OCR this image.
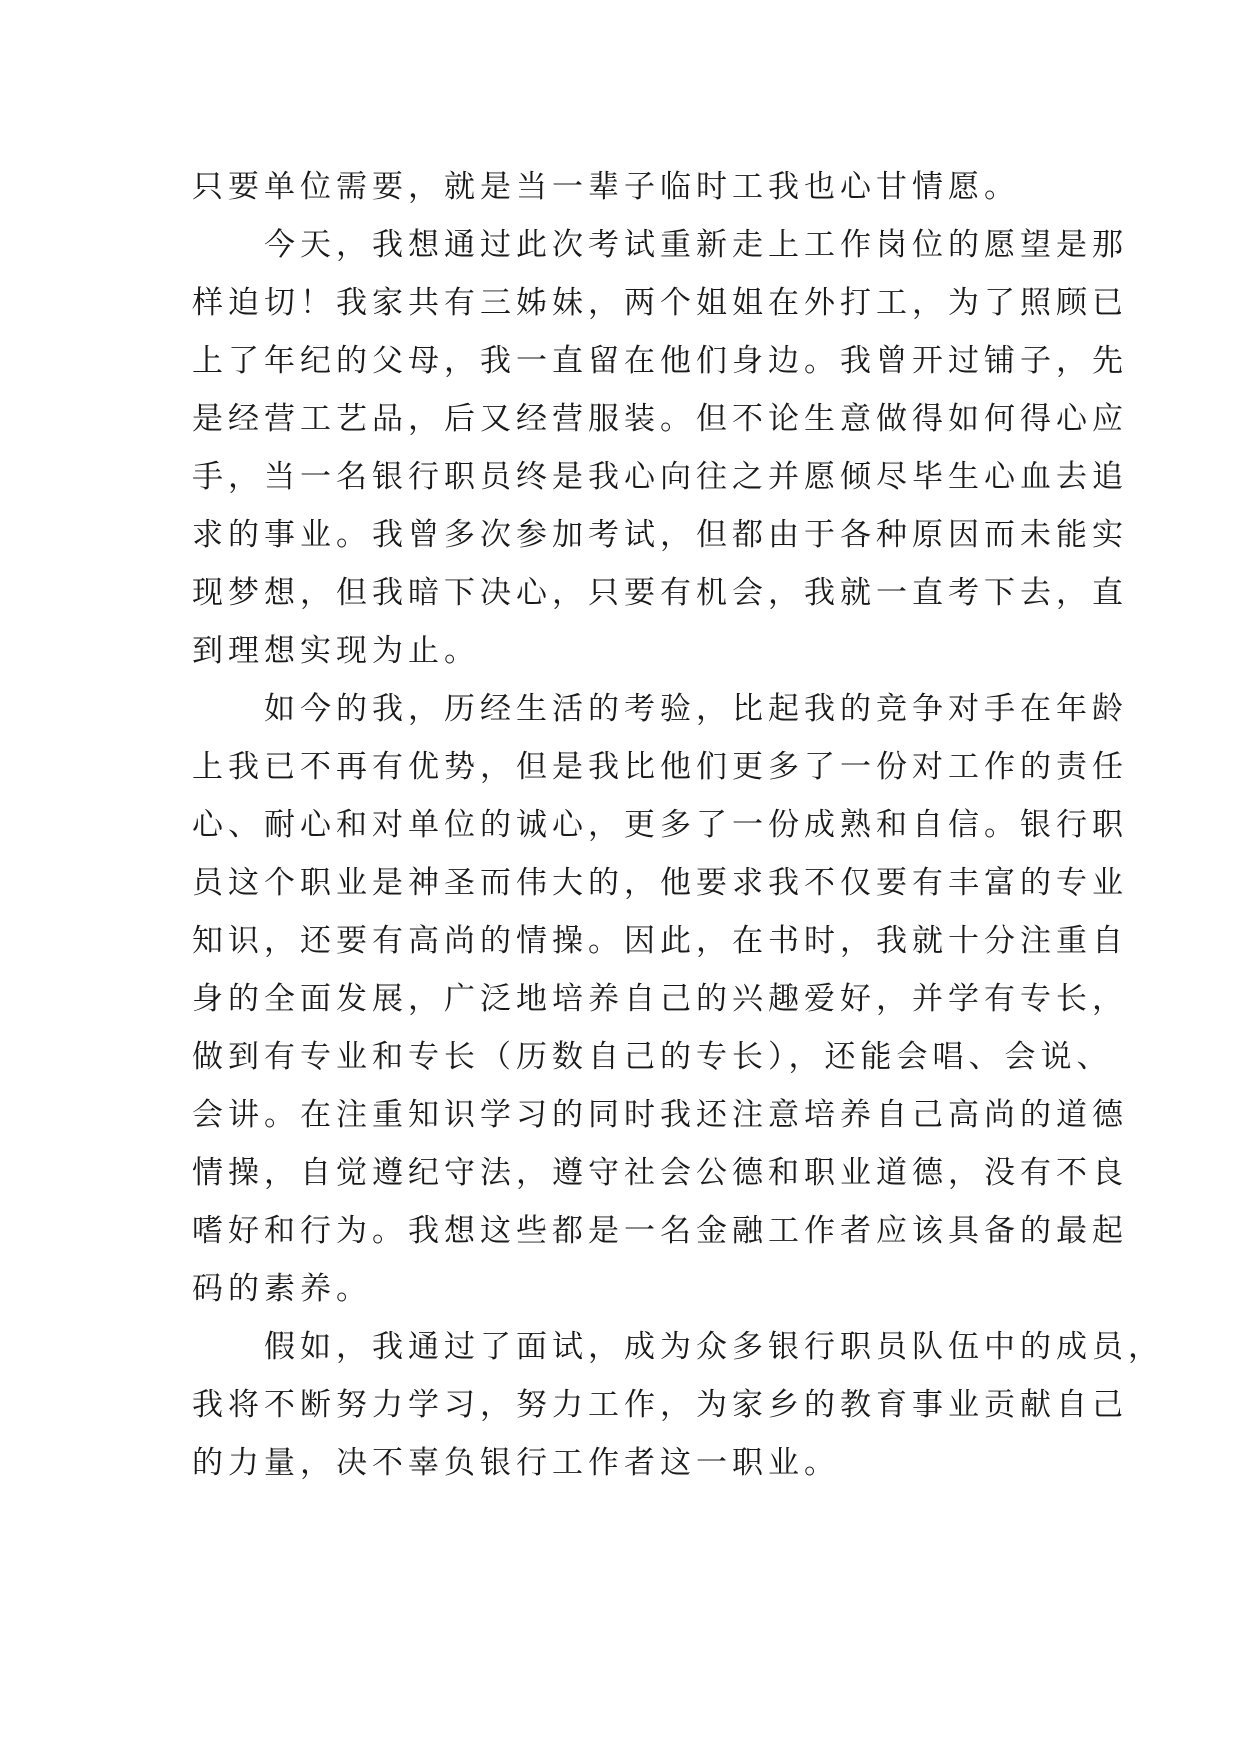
只要单位需要，就是当一辈子临时工我也心甘情愿。
今天，我想通过此次考试重新走上工作岗位的愿望是那
样迫切！我家共有三姊妹，两个姐姐在外打工，为了照顾已
上了年纪的父母，我一直留在他们身边。我曾开过铺子，先
是经营工艺品，后又经营服装。但不论生意做得如何得心应
手，当一名银行职员终是我心向往之并愿倾尽毕生心血去追
求的事业。我曾多次参加考试，但都由于各种原因而未能实
现梦想，但我暗下决心，只要有机会，我就一直考下去，直
到理想实现为止。
如今的我，历经生活的考验，比起我的竞争对手在年龄
上我已不再有优势，但是我比他们更多了一份对工作的责任
心、耐心和对单位的诚心，更多了一份成熟和自信。银行职
员这个职业是神圣而伟大的，他要求我不仅要有丰富的专业
知识，还要有高尚的情操。因此，在书时，我就十分注重自
身的全面发展，广泛地培养自己的兴趣爱好，并学有专长，
做到有专业和专长（历数自己的专长），还能会唱、会说、
会讲。在注重知识学习的同时我还注意培养自己高尚的道德
情操，自觉遵纪守法，遵守社会公德和职业道德，没有不良
嗜好和行为。我想这些都是一名金融工作者应该具备的最起
码的素养。
假如，我通过了面试，成为众多银行职员队伍中的成员，
我将不断努力学习，努力工作，为家乡的教育事业贡献自己
的力量，决不辜负银行工作者这一职业。
